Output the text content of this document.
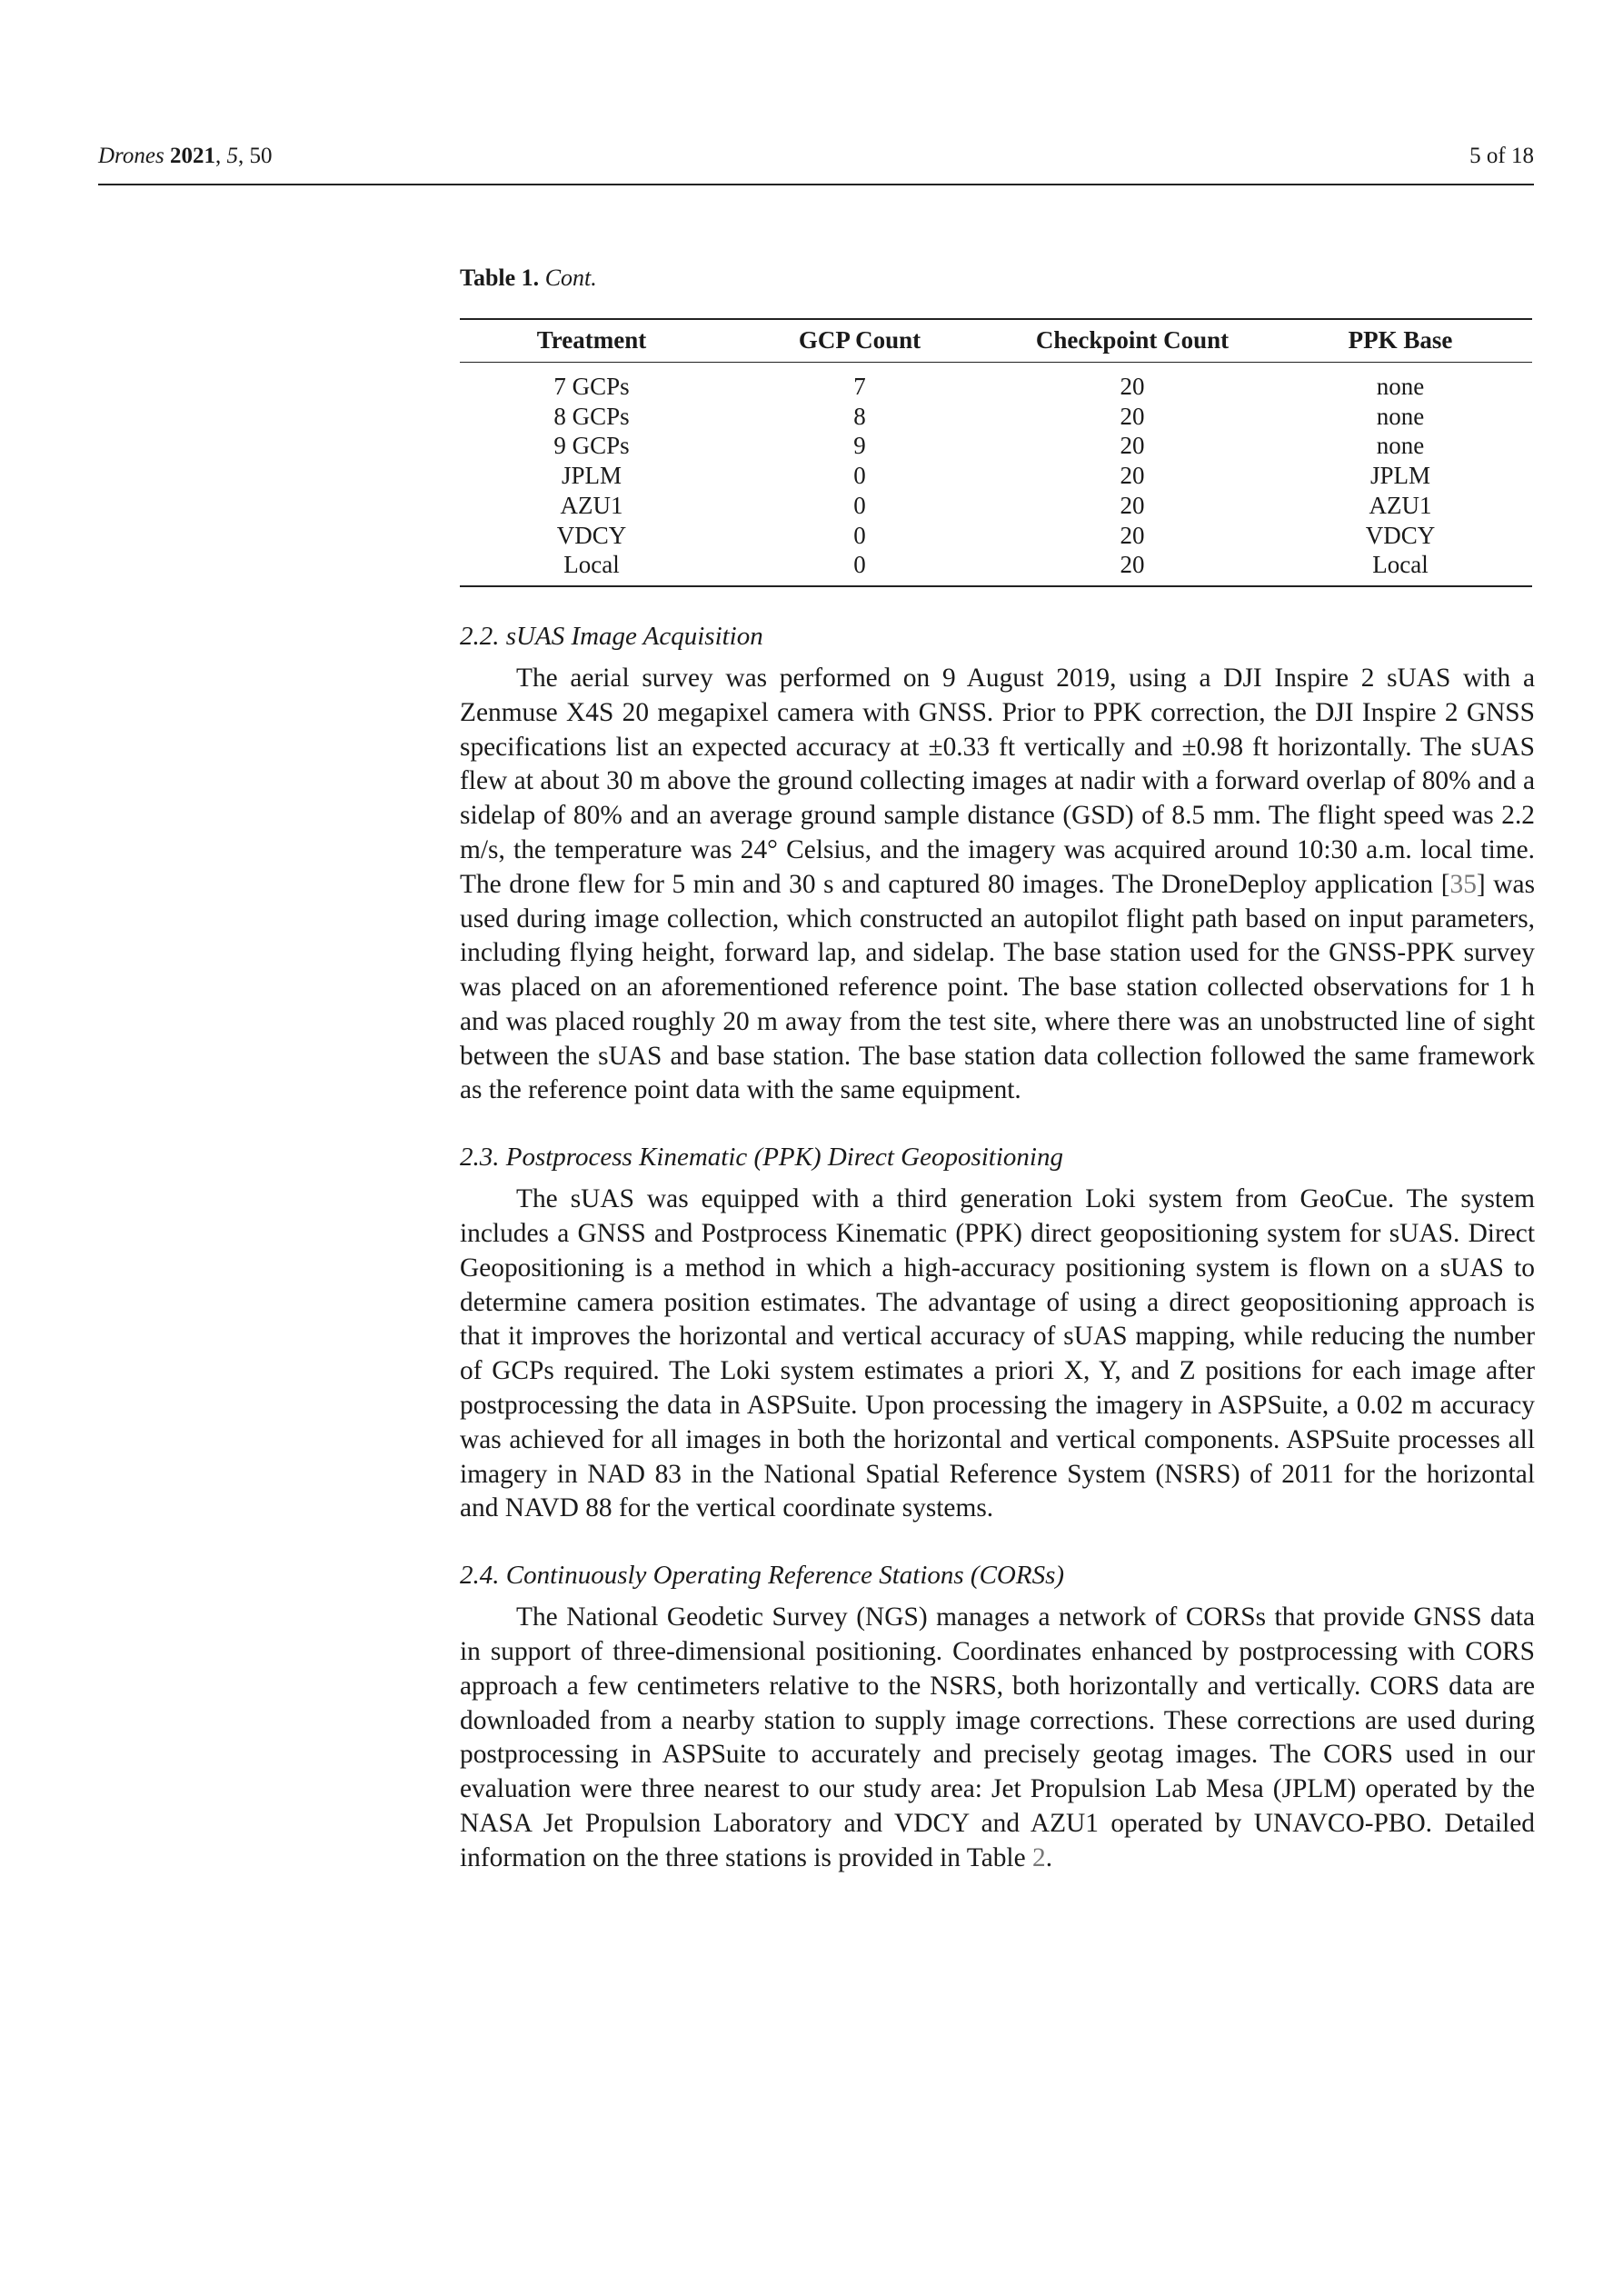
Drones 2021, 5, 50	5 of 18
Table 1. Cont.
Treatment	GCP Count	Checkpoint Count	PPK Base
7 GCPs	7	20	none
8 GCPs	8	20	none
9 GCPs	9	20	none
JPLM	0	20	JPLM
AZU1	0	20	AZU1
VDCY	0	20	VDCY
Local	0	20	Local
2.2. sUAS Image Acquisition

The aerial survey was performed on 9 August 2019, using a DJI Inspire 2 sUAS with a Zenmuse X4S 20 megapixel camera with GNSS. Prior to PPK correction, the DJI Inspire 2 GNSS specifications list an expected accuracy at ±0.33 ft vertically and ±0.98 ft horizontally. The sUAS flew at about 30 m above the ground collecting images at nadir with a forward overlap of 80% and a sidelap of 80% and an average ground sample distance (GSD) of 8.5 mm. The flight speed was 2.2 m/s, the temperature was 24° Celsius, and the imagery was acquired around 10:30 a.m. local time. The drone flew for 5 min and 30 s and captured 80 images. The DroneDeploy application [35] was used during image collection, which constructed an autopilot flight path based on input parameters, including flying height, forward lap, and sidelap. The base station used for the GNSS-PPK survey was placed on an aforementioned reference point. The base station collected observations for 1 h and was placed roughly 20 m away from the test site, where there was an unobstructed line of sight between the sUAS and base station. The base station data collection followed the same framework as the reference point data with the same equipment.

2.3. Postprocess Kinematic (PPK) Direct Geopositioning

The sUAS was equipped with a third generation Loki system from GeoCue. The system includes a GNSS and Postprocess Kinematic (PPK) direct geopositioning system for sUAS. Direct Geopositioning is a method in which a high-accuracy positioning system is flown on a sUAS to determine camera position estimates. The advantage of using a direct geopositioning approach is that it improves the horizontal and vertical accuracy of sUAS mapping, while reducing the number of GCPs required. The Loki system estimates a priori X, Y, and Z positions for each image after postprocessing the data in ASPSuite. Upon processing the imagery in ASPSuite, a 0.02 m accuracy was achieved for all images in both the horizontal and vertical components. ASPSuite processes all imagery in NAD 83 in the National Spatial Reference System (NSRS) of 2011 for the horizontal and NAVD 88 for the vertical coordinate systems.

2.4. Continuously Operating Reference Stations (CORSs)

The National Geodetic Survey (NGS) manages a network of CORSs that provide GNSS data in support of three-dimensional positioning. Coordinates enhanced by postprocessing with CORS approach a few centimeters relative to the NSRS, both horizontally and vertically. CORS data are downloaded from a nearby station to supply image corrections. These corrections are used during postprocessing in ASPSuite to accurately and precisely geotag images. The CORS used in our evaluation were three nearest to our study area: Jet Propulsion Lab Mesa (JPLM) operated by the NASA Jet Propulsion Laboratory and VDCY and AZU1 operated by UNAVCO-PBO. Detailed information on the three stations is provided in Table 2.
